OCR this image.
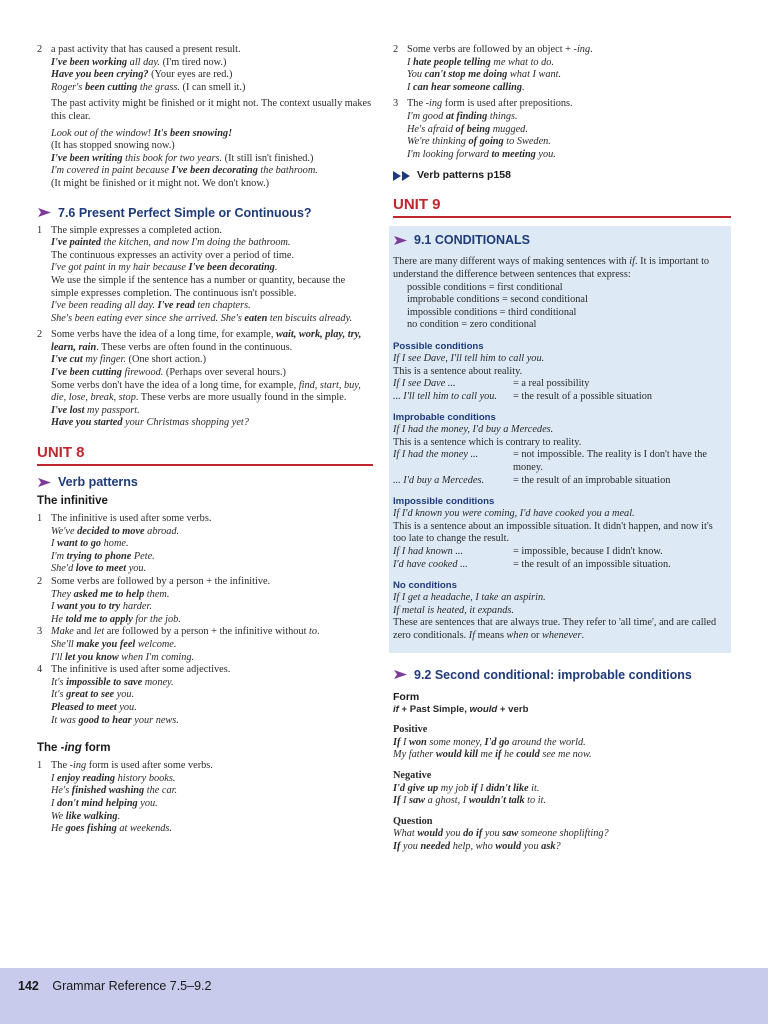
2 a past activity that has caused a present result.
I've been working all day. (I'm tired now.)
Have you been crying? (Your eyes are red.)
Roger's been cutting the grass. (I can smell it.)
The past activity might be finished or it might not. The context usually makes this clear.
Look out of the window! It's been snowing!
(It has stopped snowing now.)
I've been writing this book for two years. (It still isn't finished.)
I'm covered in paint because I've been decorating the bathroom.
(It might be finished or it might not. We don't know.)
7.6 Present Perfect Simple or Continuous?
1 The simple expresses a completed action.
I've painted the kitchen, and now I'm doing the bathroom.
The continuous expresses an activity over a period of time.
I've got paint in my hair because I've been decorating.
We use the simple if the sentence has a number or quantity, because the simple expresses completion. The continuous isn't possible.
I've been reading all day. I've read ten chapters.
She's been eating ever since she arrived. She's eaten ten biscuits already.
2 Some verbs have the idea of a long time, for example, wait, work, play, try, learn, rain. These verbs are often found in the continuous.
I've cut my finger. (One short action.)
I've been cutting firewood. (Perhaps over several hours.)
Some verbs don't have the idea of a long time, for example, find, start, buy, die, lose, break, stop. These verbs are more usually found in the simple.
I've lost my passport.
Have you started your Christmas shopping yet?
UNIT 8
Verb patterns
The infinitive
1 The infinitive is used after some verbs.
We've decided to move abroad.
I want to go home.
I'm trying to phone Pete.
She'd love to meet you.
2 Some verbs are followed by a person + the infinitive.
They asked me to help them.
I want you to try harder.
He told me to apply for the job.
3 Make and let are followed by a person + the infinitive without to.
She'll make you feel welcome.
I'll let you know when I'm coming.
4 The infinitive is used after some adjectives.
It's impossible to save money.
It's great to see you.
Pleased to meet you.
It was good to hear your news.
The -ing form
1 The -ing form is used after some verbs.
I enjoy reading history books.
He's finished washing the car.
I don't mind helping you.
We like walking.
He goes fishing at weekends.
2 Some verbs are followed by an object + -ing.
I hate people telling me what to do.
You can't stop me doing what I want.
I can hear someone calling.
3 The -ing form is used after prepositions.
I'm good at finding things.
He's afraid of being mugged.
We're thinking of going to Sweden.
I'm looking forward to meeting you.
Verb patterns p158
UNIT 9
9.1 CONDITIONALS
There are many different ways of making sentences with if. It is important to understand the difference between sentences that express:
possible conditions = first conditional
improbable conditions = second conditional
impossible conditions = third conditional
no condition = zero conditional
Possible conditions
If I see Dave, I'll tell him to call you.
This is a sentence about reality.
If I see Dave ...	= a real possibility
... I'll tell him to call you.	= the result of a possible situation
Improbable conditions
If I had the money, I'd buy a Mercedes.
This is a sentence which is contrary to reality.
If I had the money ...	= not impossible. The reality is I don't have the money.
... I'd buy a Mercedes.	= the result of an improbable situation
Impossible conditions
If I'd known you were coming, I'd have cooked you a meal.
This is a sentence about an impossible situation. It didn't happen, and now it's too late to change the result.
If I had known ...	= impossible, because I didn't know.
I'd have cooked ...	= the result of an impossible situation.
No conditions
If I get a headache, I take an aspirin.
If metal is heated, it expands.
These are sentences that are always true. They refer to 'all time', and are called zero conditionals. If means when or whenever.
9.2 Second conditional: improbable conditions
Form
if + Past Simple, would + verb
Positive
If I won some money, I'd go around the world.
My father would kill me if he could see me now.
Negative
I'd give up my job if I didn't like it.
If I saw a ghost, I wouldn't talk to it.
Question
What would you do if you saw someone shoplifting?
If you needed help, who would you ask?
142 Grammar Reference 7.5–9.2
